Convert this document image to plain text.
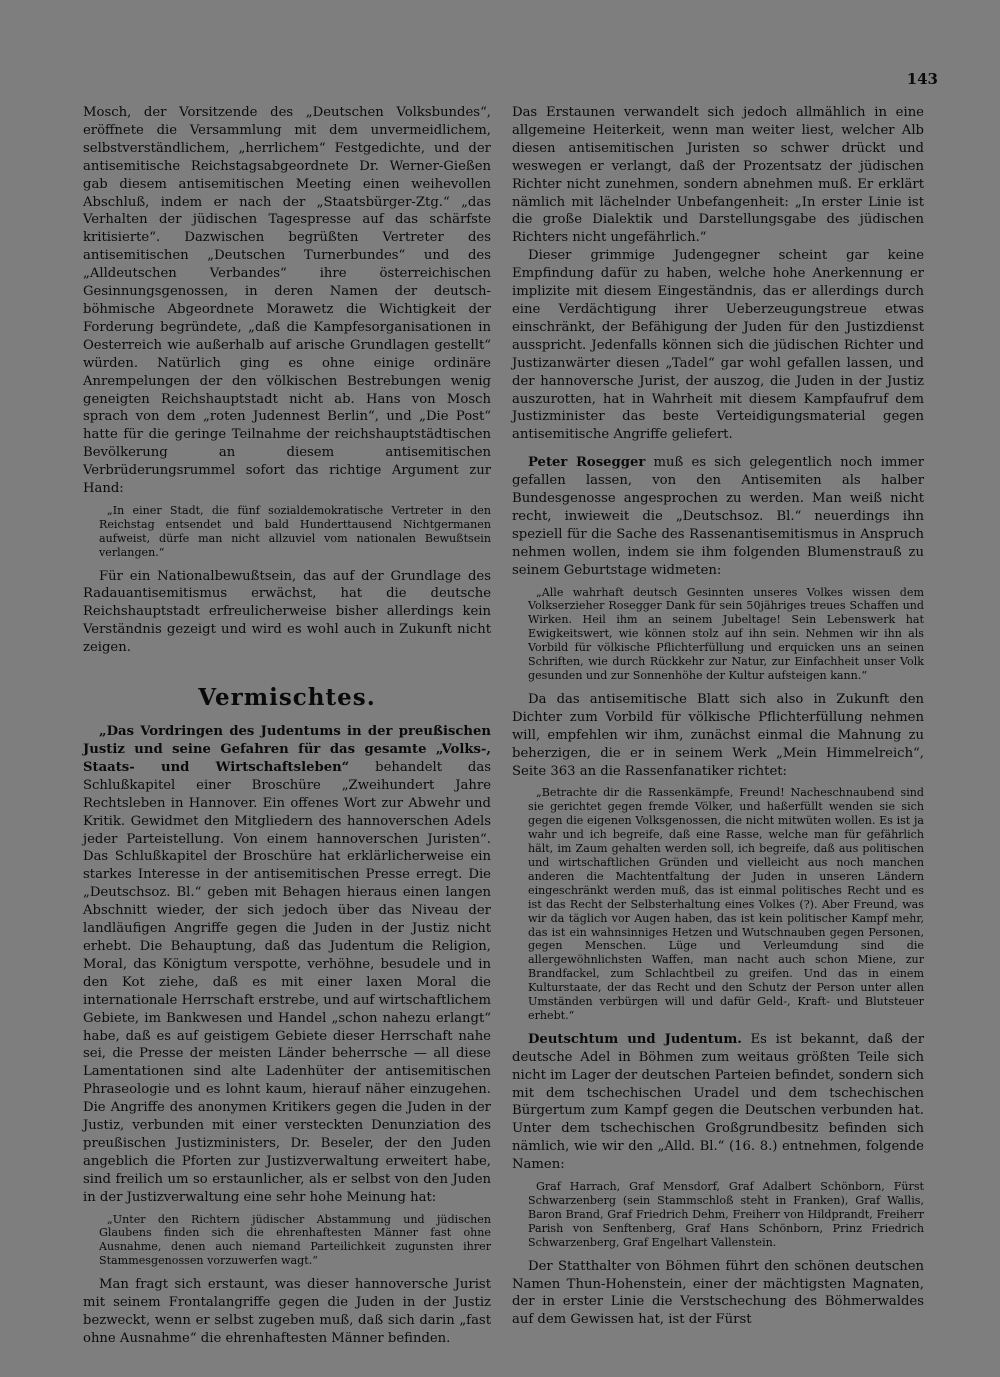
143

Mosch, der Vorsitzende des „Deutschen Volksbundes“, eröffnete die Versammlung mit dem unvermeidlichem, selbstverständlichem, „herrlichem“ Festgedichte, und der antisemitische Reichstagsabgeordnete Dr. Werner-Gießen gab diesem antisemitischen Meeting einen weihevollen Abschluß, indem er nach der „Staatsbürger-Ztg.“ „das Verhalten der jüdischen Tagespresse auf das schärfste kritisierte“. Dazwischen begrüßten Vertreter des antisemitischen „Deutschen Turnerbundes“ und des „Alldeutschen Verbandes“ ihre österreichischen Gesinnungsgenossen, in deren Namen der deutsch-böhmische Abgeordnete Morawetz die Wichtigkeit der Forderung begründete, „daß die Kampfesorganisationen in Oesterreich wie außerhalb auf arische Grundlagen gestellt“ würden. Natürlich ging es ohne einige ordinäre Anrempelungen der den völkischen Bestrebungen wenig geneigten Reichshauptstadt nicht ab. Hans von Mosch sprach von dem „roten Judennest Berlin“, und „Die Post“ hatte für die geringe Teilnahme der reichshauptstädtischen Bevölkerung an diesem antisemitischen Verbrüderungsrummel sofort das richtige Argument zur Hand:

„In einer Stadt, die fünf sozialdemokratische Vertreter in den Reichstag entsendet und bald Hunderttausend Nichtgermanen aufweist, dürfe man nicht allzuviel vom nationalen Bewußtsein verlangen.“

Für ein Nationalbewußtsein, das auf der Grundlage des Radauantisemitismus erwächst, hat die deutsche Reichshauptstadt erfreulicherweise bisher allerdings kein Verständnis gezeigt und wird es wohl auch in Zukunft nicht zeigen.

Vermischtes.

„Das Vordringen des Judentums in der preußischen Justiz und seine Gefahren für das gesamte „Volks-, Staats- und Wirtschaftsleben“ behandelt das Schlußkapitel einer Broschüre „Zweihundert Jahre Rechtsleben in Hannover. Ein offenes Wort zur Abwehr und Kritik. Gewidmet den Mitgliedern des hannoverschen Adels jeder Parteistellung. Von einem hannoverschen Juristen“. Das Schlußkapitel der Broschüre hat erklärlicherweise ein starkes Interesse in der antisemitischen Presse erregt. Die „Deutschsoz. Bl.“ geben mit Behagen hieraus einen langen Abschnitt wieder, der sich jedoch über das Niveau der landläufigen Angriffe gegen die Juden in der Justiz nicht erhebt. Die Behauptung, daß das Judentum die Religion, Moral, das Königtum verspotte, verhöhne, besudele und in den Kot ziehe, daß es mit einer laxen Moral die internationale Herrschaft erstrebe, und auf wirtschaftlichem Gebiete, im Bankwesen und Handel „schon nahezu erlangt“ habe, daß es auf geistigem Gebiete dieser Herrschaft nahe sei, die Presse der meisten Länder beherrsche — all diese Lamentationen sind alte Ladenhüter der antisemitischen Phraseologie und es lohnt kaum, hierauf näher einzugehen. Die Angriffe des anonymen Kritikers gegen die Juden in der Justiz, verbunden mit einer versteckten Denunziation des preußischen Justizministers, Dr. Beseler, der den Juden angeblich die Pforten zur Justizverwaltung erweitert habe, sind freilich um so erstaunlicher, als er selbst von den Juden in der Justizverwaltung eine sehr hohe Meinung hat:

„Unter den Richtern jüdischer Abstammung und jüdischen Glaubens finden sich die ehrenhaftesten Männer fast ohne Ausnahme, denen auch niemand Parteilichkeit zugunsten ihrer Stammesgenossen vorzuwerfen wagt.“

Man fragt sich erstaunt, was dieser hannoversche Jurist mit seinem Frontalangriffe gegen die Juden in der Justiz bezweckt, wenn er selbst zugeben muß, daß sich darin „fast ohne Ausnahme“ die ehrenhaftesten Männer befinden.

Das Erstaunen verwandelt sich jedoch allmählich in eine allgemeine Heiterkeit, wenn man weiter liest, welcher Alb diesen antisemitischen Juristen so schwer drückt und weswegen er verlangt, daß der Prozentsatz der jüdischen Richter nicht zunehmen, sondern abnehmen muß. Er erklärt nämlich mit lächelnder Unbefangenheit: „In erster Linie ist die große Dialektik und Darstellungsgabe des jüdischen Richters nicht ungefährlich.“

Dieser grimmige Judengegner scheint gar keine Empfindung dafür zu haben, welche hohe Anerkennung er implizite mit diesem Eingeständnis, das er allerdings durch eine Verdächtigung ihrer Ueberzeugungstreue etwas einschränkt, der Befähigung der Juden für den Justizdienst ausspricht. Jedenfalls können sich die jüdischen Richter und Justizanwärter diesen „Tadel“ gar wohl gefallen lassen, und der hannoversche Jurist, der auszog, die Juden in der Justiz auszurotten, hat in Wahrheit mit diesem Kampfaufruf dem Justizminister das beste Verteidigungsmaterial gegen antisemitische Angriffe geliefert.

Peter Rosegger muß es sich gelegentlich noch immer gefallen lassen, von den Antisemiten als halber Bundesgenosse angesprochen zu werden. Man weiß nicht recht, inwieweit die „Deutschsoz. Bl.“ neuerdings ihn speziell für die Sache des Rassenantisemitismus in Anspruch nehmen wollen, indem sie ihm folgenden Blumenstrauß zu seinem Geburtstage widmeten:

„Alle wahrhaft deutsch Gesinnten unseres Volkes wissen dem Volkserzieher Rosegger Dank für sein 50jähriges treues Schaffen und Wirken. Heil ihm an seinem Jubeltage! Sein Lebenswerk hat Ewigkeitswert, wie können stolz auf ihn sein. Nehmen wir ihn als Vorbild für völkische Pflichterfüllung und erquicken uns an seinen Schriften, wie durch Rückkehr zur Natur, zur Einfachheit unser Volk gesunden und zur Sonnenhöhe der Kultur aufsteigen kann.“

Da das antisemitische Blatt sich also in Zukunft den Dichter zum Vorbild für völkische Pflichterfüllung nehmen will, empfehlen wir ihm, zunächst einmal die Mahnung zu beherzigen, die er in seinem Werk „Mein Himmelreich“, Seite 363 an die Rassenfanatiker richtet:

„Betrachte dir die Rassenkämpfe, Freund! Nacheschnaubend sind sie gerichtet gegen fremde Völker, und haßerfüllt wenden sie sich gegen die eigenen Volksgenossen, die nicht mitwüten wollen. Es ist ja wahr und ich begreife, daß eine Rasse, welche man für gefährlich hält, im Zaum gehalten werden soll, ich begreife, daß aus politischen und wirtschaftlichen Gründen und vielleicht aus noch manchen anderen die Machtentfaltung der Juden in unseren Ländern eingeschränkt werden muß, das ist einmal politisches Recht und es ist das Recht der Selbsterhaltung eines Volkes (?). Aber Freund, was wir da täglich vor Augen haben, das ist kein politischer Kampf mehr, das ist ein wahnsinniges Hetzen und Wutschnauben gegen Personen, gegen Menschen. Lüge und Verleumdung sind die allergewöhnlichsten Waffen, man nacht auch schon Miene, zur Brandfackel, zum Schlachtbeil zu greifen. Und das in einem Kulturstaate, der das Recht und den Schutz der Person unter allen Umständen verbürgen will und dafür Geld-, Kraft- und Blutsteuer erhebt.“

Deutschtum und Judentum. Es ist bekannt, daß der deutsche Adel in Böhmen zum weitaus größten Teile sich nicht im Lager der deutschen Parteien befindet, sondern sich mit dem tschechischen Uradel und dem tschechischen Bürgertum zum Kampf gegen die Deutschen verbunden hat. Unter dem tschechischen Großgrundbesitz befinden sich nämlich, wie wir den „Alld. Bl.“ (16. 8.) entnehmen, folgende Namen:

Graf Harrach, Graf Mensdorf, Graf Adalbert Schönborn, Fürst Schwarzenberg (sein Stammschloß steht in Franken), Graf Wallis, Baron Brand, Graf Friedrich Dehm, Freiherr von Hildprandt, Freiherr Parish von Senftenberg, Graf Hans Schönborn, Prinz Friedrich Schwarzenberg, Graf Engelhart Vallenstein.

Der Statthalter von Böhmen führt den schönen deutschen Namen Thun-Hohenstein, einer der mächtigsten Magnaten, der in erster Linie die Verstschechung des Böhmerwaldes auf dem Gewissen hat, ist der Fürst
